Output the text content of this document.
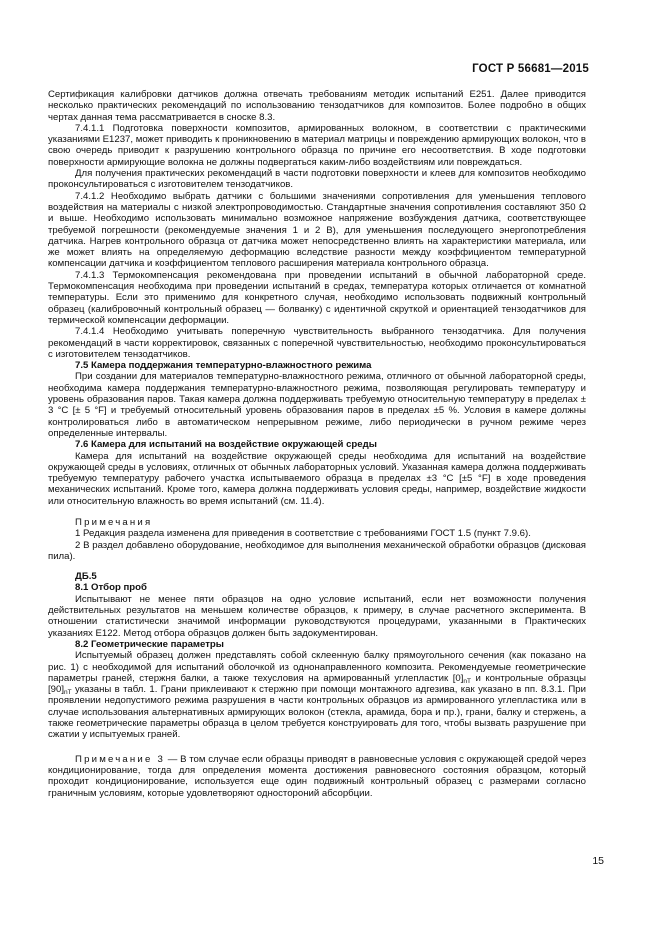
ГОСТ Р 56681—2015

Сертификация калибровки датчиков должна отвечать требованиям методик испытаний E251. Далее приводится несколько практических рекомендаций по использованию тензодатчиков для композитов. Более подробно в общих чертах данная тема рассматривается в сноске 8.3.

7.4.1.1 Подготовка поверхности композитов, армированных волокном, в соответствии с практическими указаниями E1237, может приводить к проникновению в материал матрицы и повреждению армирующих волокон, что в свою очередь приводит к разрушению контрольного образца по причине его несоответствия. В ходе подготовки поверхности армирующие волокна не должны подвергаться каким-либо воздействиям или повреждаться.

Для получения практических рекомендаций в части подготовки поверхности и клеев для композитов необходимо проконсультироваться с изготовителем тензодатчиков.

7.4.1.2 Необходимо выбрать датчики с большими значениями сопротивления для уменьшения теплового воздействия на материалы с низкой электропроводимостью. Стандартные значения сопротивления составляют 350 Ω и выше. Необходимо использовать минимально возможное напряжение возбуждения датчика, соответствующее требуемой погрешности (рекомендуемые значения 1 и 2 В), для уменьшения последующего энергопотребления датчика. Нагрев контрольного образца от датчика может непосредственно влиять на характеристики материала, или же может влиять на определяемую деформацию вследствие разности между коэффициентом температурной компенсации датчика и коэффициентом теплового расширения материала контрольного образца.

7.4.1.3 Термокомпенсация рекомендована при проведении испытаний в обычной лабораторной среде. Термокомпенсация необходима при проведении испытаний в средах, температура которых отличается от комнатной температуры. Если это применимо для конкретного случая, необходимо использовать подвижный контрольный образец (калибровочный контрольный образец — болванку) с идентичной скруткой и ориентацией тензодатчиков для термической компенсации деформации.

7.4.1.4 Необходимо учитывать поперечную чувствительность выбранного тензодатчика. Для получения рекомендаций в части корректировок, связанных с поперечной чувствительностью, необходимо проконсультироваться с изготовителем тензодатчиков.

7.5 Камера поддержания температурно-влажностного режима

При создании для материалов температурно-влажностного режима, отличного от обычной лабораторной среды, необходима камера поддержания температурно-влажностного режима, позволяющая регулировать температуру и уровень образования паров. Такая камера должна поддерживать требуемую относительную температуру в пределах ± 3 °С [± 5 °F] и требуемый относительный уровень образования паров в пределах ±5 %. Условия в камере должны контролироваться либо в автоматическом непрерывном режиме, либо периодически в ручном режиме через определенные интервалы.

7.6 Камера для испытаний на воздействие окружающей среды

Камера для испытаний на воздействие окружающей среды необходима для испытаний на воздействие окружающей среды в условиях, отличных от обычных лабораторных условий. Указанная камера должна поддерживать требуемую температуру рабочего участка испытываемого образца в пределах ±3 °С [±5 °F] в ходе проведения механических испытаний. Кроме того, камера должна поддерживать условия среды, например, воздействие жидкости или относительную влажность во время испытаний (см. 11.4).

Примечания

1 Редакция раздела изменена для приведения в соответствие с требованиями ГОСТ 1.5 (пункт 7.9.6).

2 В раздел добавлено оборудование, необходимое для выполнения механической обработки образцов (дисковая пила).

ДБ.5

8.1 Отбор проб

Испытывают не менее пяти образцов на одно условие испытаний, если нет возможности получения действительных результатов на меньшем количестве образцов, к примеру, в случае расчетного эксперимента. В отношении статистически значимой информации руководствуются процедурами, указанными в Практических указаниях E122. Метод отбора образцов должен быть задокументирован.

8.2 Геометрические параметры

Испытуемый образец должен представлять собой склеенную балку прямоугольного сечения (как показано на рис. 1) с необходимой для испытаний оболочкой из однонаправленного композита. Рекомендуемые геометрические параметры граней, стержня балки, а также техусловия на армированный углепластик $[0]_{nT}$ и контрольные образцы $[90]_{nT}$ указаны в табл. 1. Грани приклеивают к стержню при помощи монтажного адгезива, как указано в пп. 8.3.1. При проявлении недопустимого режима разрушения в части контрольных образцов из армированного углепластика или в случае использования альтернативных армирующих волокон (стекла, арамида, бора и пр.), грани, балку и стержень, а также геометрические параметры образца в целом требуется конструировать для того, чтобы вызвать разрушение при сжатии у испытуемых граней.

Примечание 3 — В том случае если образцы приводят в равновесные условия с окружающей средой через кондиционирование, тогда для определения момента достижения равновесного состояния образцом, который проходит кондиционирование, используется еще один подвижный контрольный образец с размерами согласно граничным условиям, которые удовлетворяют одностороний абсорбции.

15
